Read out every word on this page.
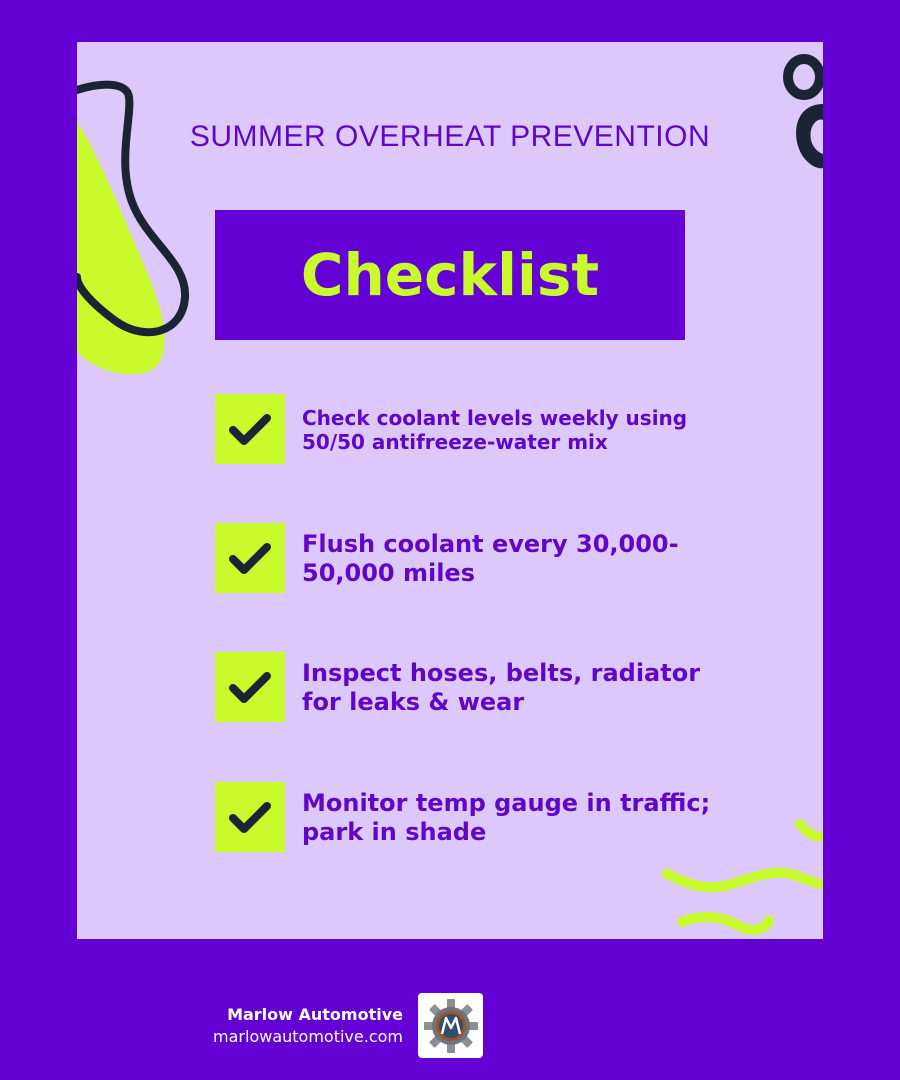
SUMMER OVERHEAT PREVENTION
Checklist
Check coolant levels weekly using 50/50 antifreeze-water mix
Flush coolant every 30,000-50,000 miles
Inspect hoses, belts, radiator for leaks & wear
Monitor temp gauge in traffic; park in shade
Marlow Automotive
marlowautomotive.com
